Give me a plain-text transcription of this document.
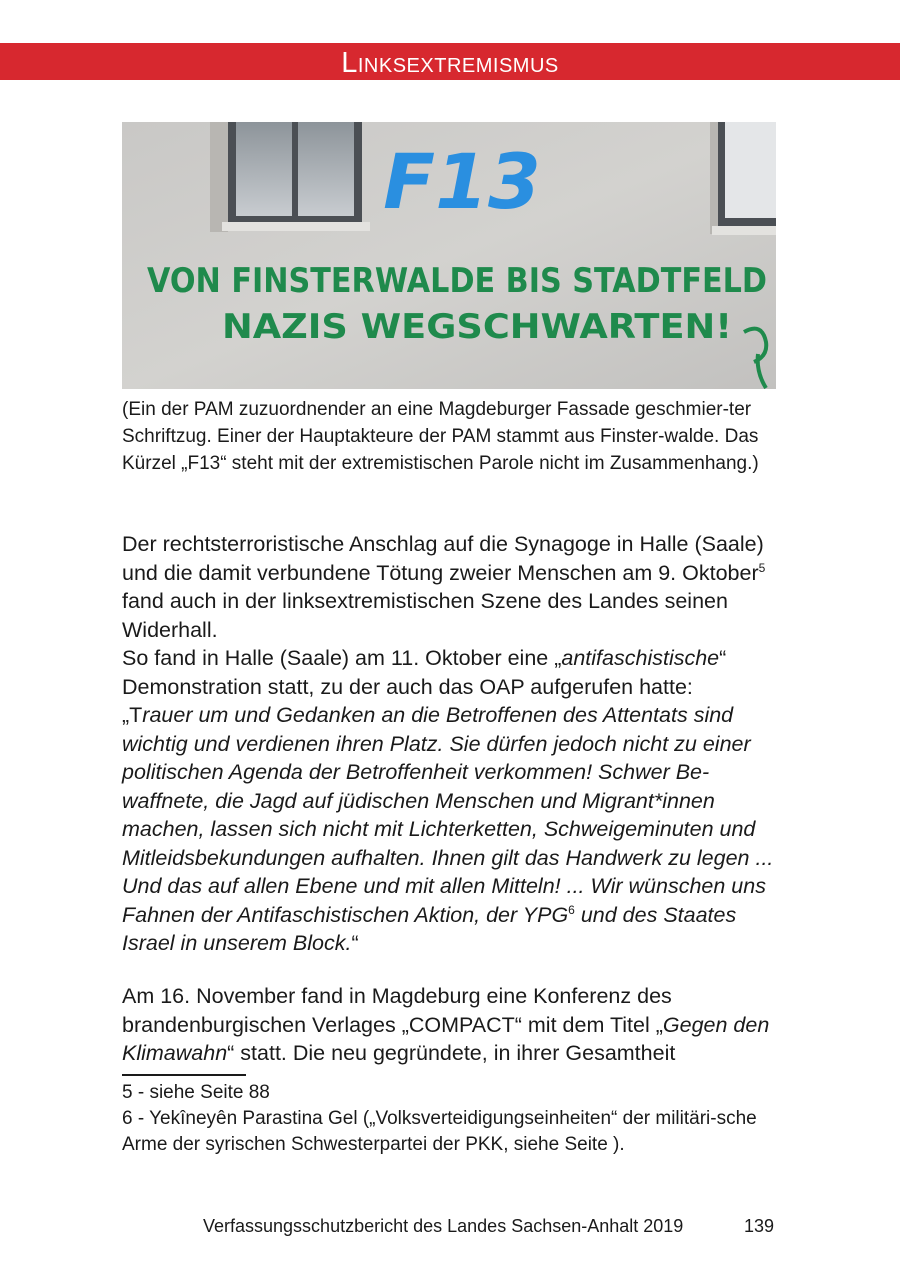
Linksextremismus
F13
VON FINSTERWALDE BIS STADTFELD
NAZIS WEGSCHWARTEN!
(Ein der PAM zuzuordnender an eine Magdeburger Fassade geschmier-ter Schriftzug. Einer der Hauptakteure der PAM stammt aus Finster-walde. Das Kürzel „F13“ steht mit der extremistischen Parole nicht im Zusammenhang.)

Der rechtsterroristische Anschlag auf die Synagoge in Halle (Saale) und die damit verbundene Tötung zweier Menschen am 9. Oktober$^5$ fand auch in der linksextremistischen Szene des Landes seinen Widerhall.

So fand in Halle (Saale) am 11. Oktober eine „antifaschistische“ Demonstration statt, zu der auch das OAP aufgerufen hatte:

„Trauer um und Gedanken an die Betroffenen des Attentats sind wichtig und verdienen ihren Platz. Sie dürfen jedoch nicht zu einer politischen Agenda der Betroffenheit verkommen! Schwer Be-waffnete, die Jagd auf jüdischen Menschen und Migrant*innen machen, lassen sich nicht mit Lichterketten, Schweigeminuten und Mitleidsbekundungen aufhalten. Ihnen gilt das Handwerk zu legen ... Und das auf allen Ebene und mit allen Mitteln! ... Wir wünschen uns Fahnen der Antifaschistischen Aktion, der YPG$^6$ und des Staates Israel in unserem Block.“

Am 16. November fand in Magdeburg eine Konferenz des brandenburgischen Verlages „COMPACT“ mit dem Titel „Gegen den Klimawahn“ statt. Die neu gegründete, in ihrer Gesamtheit

5 - siehe Seite 88

6 - Yekîneyên Parastina Gel („Volksverteidigungseinheiten“ der militäri-sche Arme der syrischen Schwesterpartei der PKK, siehe Seite ).

Verfassungsschutzbericht des Landes Sachsen-Anhalt 2019	139
